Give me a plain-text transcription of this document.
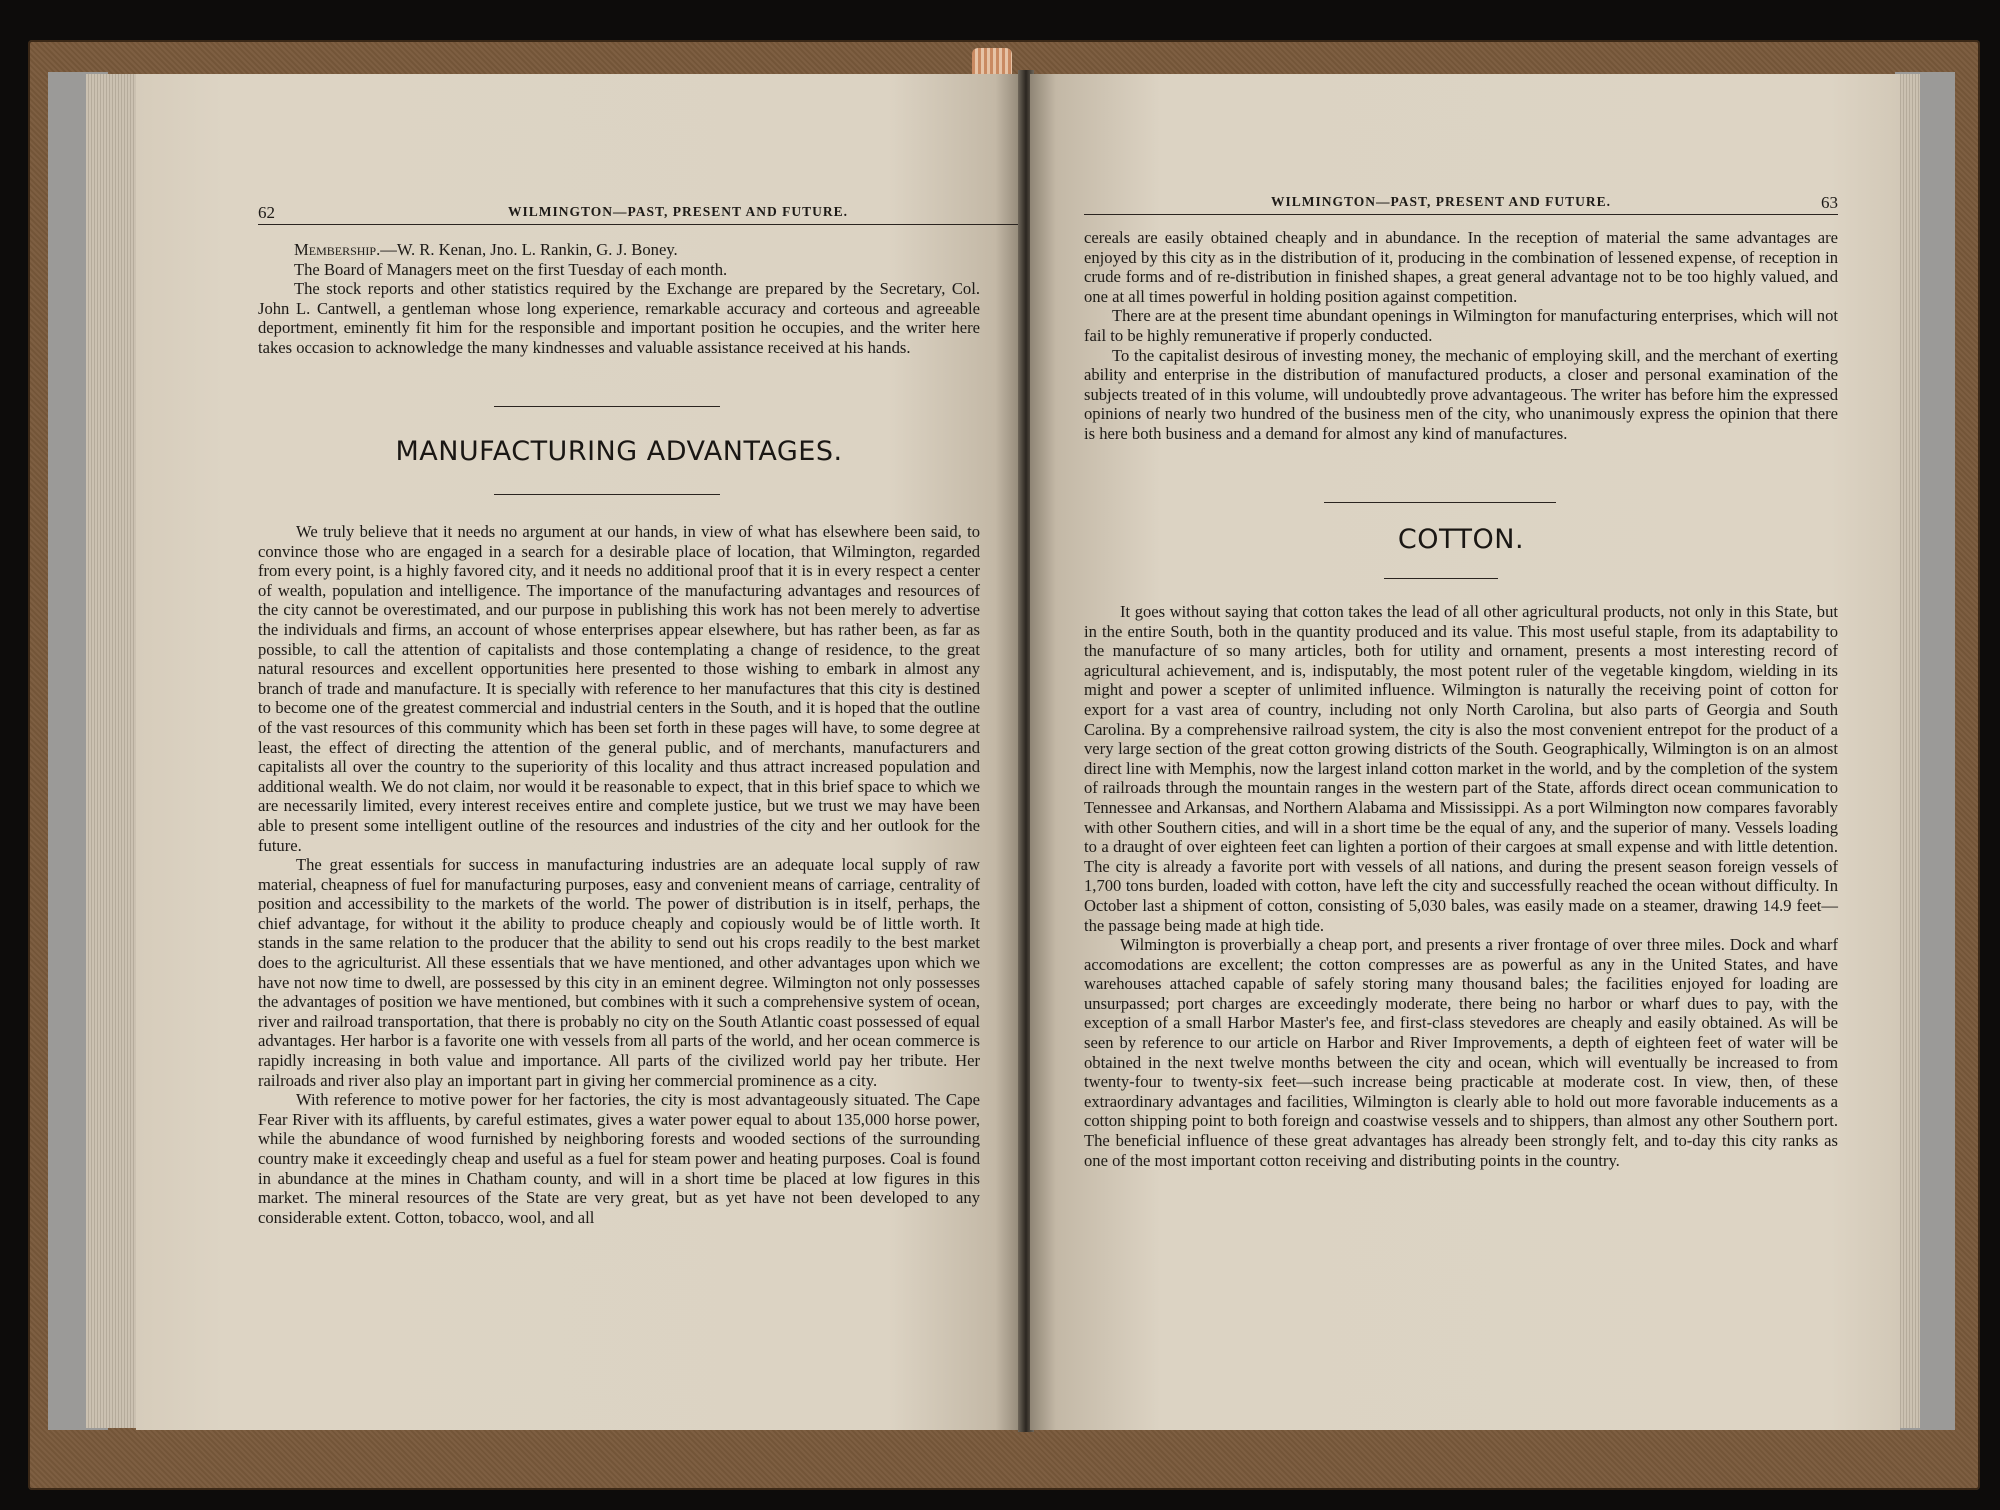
62	WILMINGTON—PAST, PRESENT AND FUTURE.

Membership.—W. R. Kenan, Jno. L. Rankin, G. J. Boney.

The Board of Managers meet on the first Tuesday of each month.

The stock reports and other statistics required by the Exchange are prepared by the Secretary, Col. John L. Cantwell, a gentleman whose long experience, remarkable accuracy and corteous and agreeable deportment, eminently fit him for the responsible and important position he occupies, and the writer here takes occasion to acknowledge the many kindnesses and valuable assistance received at his hands.

MANUFACTURING ADVANTAGES.

We truly believe that it needs no argument at our hands, in view of what has elsewhere been said, to convince those who are engaged in a search for a desirable place of location, that Wilmington, regarded from every point, is a highly favored city, and it needs no additional proof that it is in every respect a center of wealth, population and intelligence. The importance of the manufacturing advantages and resources of the city cannot be overestimated, and our purpose in publishing this work has not been merely to advertise the individuals and firms, an account of whose enterprises appear elsewhere, but has rather been, as far as possible, to call the attention of capitalists and those contemplating a change of residence, to the great natural resources and excellent opportunities here presented to those wishing to embark in almost any branch of trade and manufacture. It is specially with reference to her manufactures that this city is destined to become one of the greatest commercial and industrial centers in the South, and it is hoped that the outline of the vast resources of this community which has been set forth in these pages will have, to some degree at least, the effect of directing the attention of the general public, and of merchants, manufacturers and capitalists all over the country to the superiority of this locality and thus attract increased population and additional wealth. We do not claim, nor would it be reasonable to expect, that in this brief space to which we are necessarily limited, every interest receives entire and complete justice, but we trust we may have been able to present some intelligent outline of the resources and industries of the city and her outlook for the future.

The great essentials for success in manufacturing industries are an adequate local supply of raw material, cheapness of fuel for manufacturing purposes, easy and convenient means of carriage, centrality of position and accessibility to the markets of the world. The power of distribution is in itself, perhaps, the chief advantage, for without it the ability to produce cheaply and copiously would be of little worth. It stands in the same relation to the producer that the ability to send out his crops readily to the best market does to the agriculturist. All these essentials that we have mentioned, and other advantages upon which we have not now time to dwell, are possessed by this city in an eminent degree. Wilmington not only possesses the advantages of position we have mentioned, but combines with it such a comprehensive system of ocean, river and railroad transportation, that there is probably no city on the South Atlantic coast possessed of equal advantages. Her harbor is a favorite one with vessels from all parts of the world, and her ocean commerce is rapidly increasing in both value and importance. All parts of the civilized world pay her tribute. Her railroads and river also play an important part in giving her commercial prominence as a city.

With reference to motive power for her factories, the city is most advantageously situated. The Cape Fear River with its affluents, by careful estimates, gives a water power equal to about 135,000 horse power, while the abundance of wood furnished by neighboring forests and wooded sections of the surrounding country make it exceedingly cheap and useful as a fuel for steam power and heating purposes. Coal is found in abundance at the mines in Chatham county, and will in a short time be placed at low figures in this market. The mineral resources of the State are very great, but as yet have not been developed to any considerable extent. Cotton, tobacco, wool, and all

WILMINGTON—PAST, PRESENT AND FUTURE.	63

cereals are easily obtained cheaply and in abundance. In the reception of material the same advantages are enjoyed by this city as in the distribution of it, producing in the combination of lessened expense, of reception in crude forms and of re-distribution in finished shapes, a great general advantage not to be too highly valued, and one at all times powerful in holding position against competition.

There are at the present time abundant openings in Wilmington for manufacturing enterprises, which will not fail to be highly remunerative if properly conducted.

To the capitalist desirous of investing money, the mechanic of employing skill, and the merchant of exerting ability and enterprise in the distribution of manufactured products, a closer and personal examination of the subjects treated of in this volume, will undoubtedly prove advantageous. The writer has before him the expressed opinions of nearly two hundred of the business men of the city, who unanimously express the opinion that there is here both business and a demand for almost any kind of manufactures.

COTTON.

It goes without saying that cotton takes the lead of all other agricultural products, not only in this State, but in the entire South, both in the quantity produced and its value. This most useful staple, from its adaptability to the manufacture of so many articles, both for utility and ornament, presents a most interesting record of agricultural achievement, and is, indisputably, the most potent ruler of the vegetable kingdom, wielding in its might and power a scepter of unlimited influence. Wilmington is naturally the receiving point of cotton for export for a vast area of country, including not only North Carolina, but also parts of Georgia and South Carolina. By a comprehensive railroad system, the city is also the most convenient entrepot for the product of a very large section of the great cotton growing districts of the South. Geographically, Wilmington is on an almost direct line with Memphis, now the largest inland cotton market in the world, and by the completion of the system of railroads through the mountain ranges in the western part of the State, affords direct ocean communication to Tennessee and Arkansas, and Northern Alabama and Mississippi. As a port Wilmington now compares favorably with other Southern cities, and will in a short time be the equal of any, and the superior of many. Vessels loading to a draught of over eighteen feet can lighten a portion of their cargoes at small expense and with little detention. The city is already a favorite port with vessels of all nations, and during the present season foreign vessels of 1,700 tons burden, loaded with cotton, have left the city and successfully reached the ocean without difficulty. In October last a shipment of cotton, consisting of 5,030 bales, was easily made on a steamer, drawing 14.9 feet—the passage being made at high tide.

Wilmington is proverbially a cheap port, and presents a river frontage of over three miles. Dock and wharf accomodations are excellent; the cotton compresses are as powerful as any in the United States, and have warehouses attached capable of safely storing many thousand bales; the facilities enjoyed for loading are unsurpassed; port charges are exceedingly moderate, there being no harbor or wharf dues to pay, with the exception of a small Harbor Master's fee, and first-class stevedores are cheaply and easily obtained. As will be seen by reference to our article on Harbor and River Improvements, a depth of eighteen feet of water will be obtained in the next twelve months between the city and ocean, which will eventually be increased to from twenty-four to twenty-six feet—such increase being practicable at moderate cost. In view, then, of these extraordinary advantages and facilities, Wilmington is clearly able to hold out more favorable inducements as a cotton shipping point to both foreign and coastwise vessels and to shippers, than almost any other Southern port. The beneficial influence of these great advantages has already been strongly felt, and to-day this city ranks as one of the most important cotton receiving and distributing points in the country.
